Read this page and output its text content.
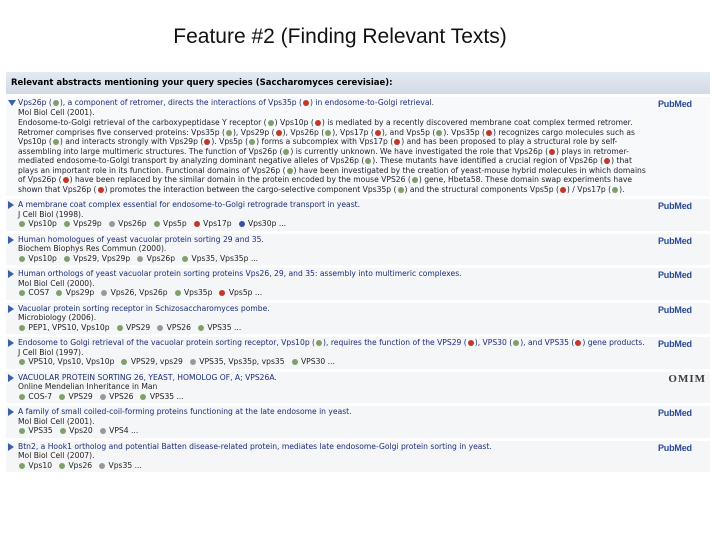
Feature #2 (Finding Relevant Texts)
Relevant abstracts mentioning your query species (Saccharomyces cerevisiae):
Vps26p ( ), a component of retromer, directs the interactions of Vps35p ( ) in endosome-to-Golgi retrieval.
Mol Biol Cell (2001).
Endosome-to-Golgi retrieval of the carboxypeptidase Y receptor ( ) Vps10p ( ) is mediated by a recently discovered membrane coat complex termed retromer. Retromer comprises five conserved proteins: Vps35p ( ), Vps29p ( ), Vps26p ( ), Vps17p ( ), and Vps5p ( ). Vps35p ( ) recognizes cargo molecules such as Vps10p ( ) and interacts strongly with Vps29p ( ). Vps5p ( ) forms a subcomplex with Vps17p ( ) and has been proposed to play a structural role by self-assembling into large multimeric structures. The function of Vps26p ( ) is currently unknown. We have investigated the role that Vps26p ( ) plays in retromer-mediated endosome-to-Golgi transport by analyzing dominant negative alleles of Vps26p ( ). These mutants have identified a crucial region of Vps26p ( ) that plays an important role in its function. Functional domains of Vps26p ( ) have been investigated by the creation of yeast-mouse hybrid molecules in which domains of Vps26p ( ) have been replaced by the similar domain in the protein encoded by the mouse VPS26 ( ) gene, Hbeta58. These domain swap experiments have shown that Vps26p ( ) promotes the interaction between the cargo-selective component Vps35p ( ) and the structural components Vps5p ( ) / Vps17p ( ).
PubMed
A membrane coat complex essential for endosome-to-Golgi retrograde transport in yeast.
J Cell Biol (1998).
Vps10p Vps29p Vps26p Vps5p Vps17p Vps30p ...
PubMed
Human homologues of yeast vacuolar protein sorting 29 and 35.
Biochem Biophys Res Commun (2000).
Vps10p Vps29, Vps29p Vps26p Vps35, Vps35p ...
PubMed
Human orthologs of yeast vacuolar protein sorting proteins Vps26, 29, and 35: assembly into multimeric complexes.
Mol Biol Cell (2000).
COS7 Vps29p Vps26, Vps26p Vps35p Vps5p ...
PubMed
Vacuolar protein sorting receptor in Schizosaccharomyces pombe.
Microbiology (2006).
PEP1, VPS10, Vps10p VPS29 VPS26 VPS35 ...
PubMed
Endosome to Golgi retrieval of the vacuolar protein sorting receptor, Vps10p ( ), requires the function of the VPS29 ( ), VPS30 ( ), and VPS35 ( ) gene products.
J Cell Biol (1997).
VPS10, Vps10, Vps10p VPS29, vps29 VPS35, Vps35p, vps35 VPS30 ...
PubMed
VACUOLAR PROTEIN SORTING 26, YEAST, HOMOLOG OF, A; VPS26A.
Online Mendelian Inheritance in Man
COS-7 VPS29 VPS26 VPS35 ...
OMIM
A family of small coiled-coil-forming proteins functioning at the late endosome in yeast.
Mol Biol Cell (2001).
VPS35 Vps20 VPS4 ...
PubMed
Btn2, a Hook1 ortholog and potential Batten disease-related protein, mediates late endosome-Golgi protein sorting in yeast.
Mol Biol Cell (2007).
Vps10 Vps26 Vps35 ...
PubMed
